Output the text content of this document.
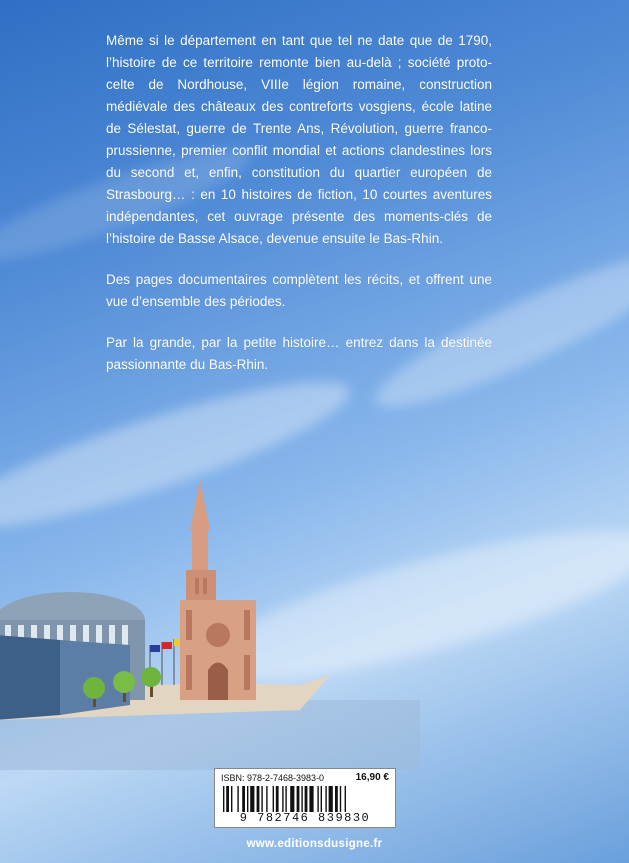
Même si le département en tant que tel ne date que de 1790, l’histoire de ce territoire remonte bien au-delà ; société proto-celte de Nordhouse, VIIIe légion romaine, construction médiévale des châteaux des contreforts vosgiens, école latine de Sélestat, guerre de Trente Ans, Révolution, guerre franco-prussienne, premier conflit mondial et actions clandestines lors du second et, enfin, constitution du quartier européen de Strasbourg… : en 10 histoires de fiction, 10 courtes aventures indépendantes, cet ouvrage présente des moments-clés de l’histoire de Basse Alsace, devenue ensuite le Bas-Rhin.

Des pages documentaires complètent les récits, et offrent une vue d’ensemble des périodes.

Par la grande, par la petite histoire… entrez dans la destinée passionnante du Bas-Rhin.

ISBN: 978-2-7468-3983-0	16,90 €
9 782746 839830
www.editionsdusigne.fr
